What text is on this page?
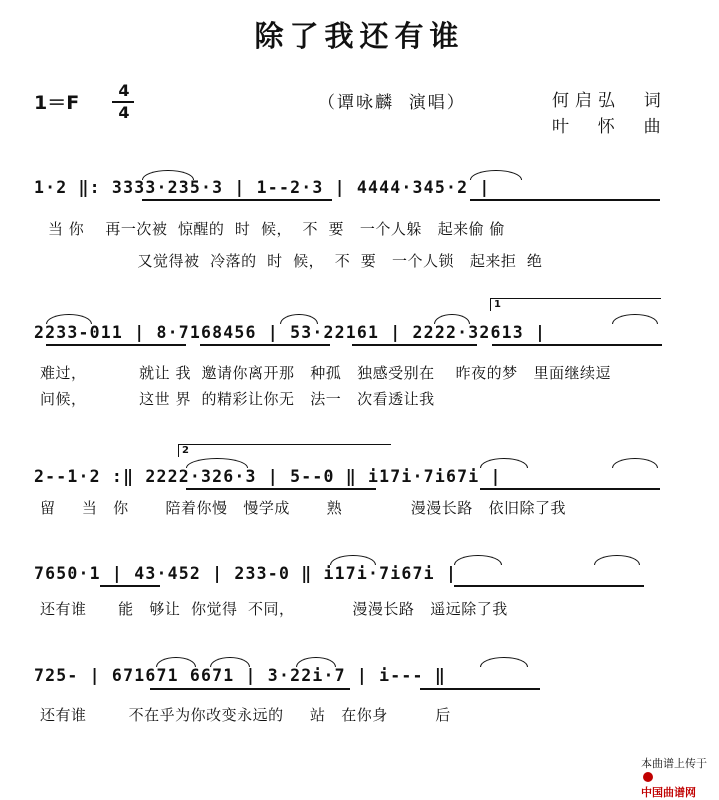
除了我还有谁
1＝F
4
4	（谭咏麟  演唱）	何启弘  词
叶  怀  曲
1·2 ‖: 3333·235·3 | 1--2·3 | 4444·345·2 |
当 你    再一次被  惊醒的  时  候，  不  要   一个人躲   起来偷 偷
又觉得被  冷落的  时  候，  不  要   一个人锁   起来拒  绝
2233-011 | 8·7168456 | 53·22161 | 2222·32613 |
难过，          就让 我  邀请你离开那   种孤   独感受别在    昨夜的梦   里面继续逗
问候，          这世 界  的精彩让你无   法一   次看透让我
1
2--1·2 :‖ 2222·326·3 | 5--0 ‖ i17i·7i67i |
留     当   你       陪着你慢   慢学成       熟             漫漫长路   依旧除了我
2
7650·1 | 43·452 | 233-0 ‖ i17i·7i67i |
还有谁      能   够让  你觉得  不同，           漫漫长路   遥远除了我
725- | 671671 6671 | 3·22i·7 | i--- ‖
还有谁        不在乎为你改变永远的     站   在你身         后

本曲谱上传于

中国曲谱网
